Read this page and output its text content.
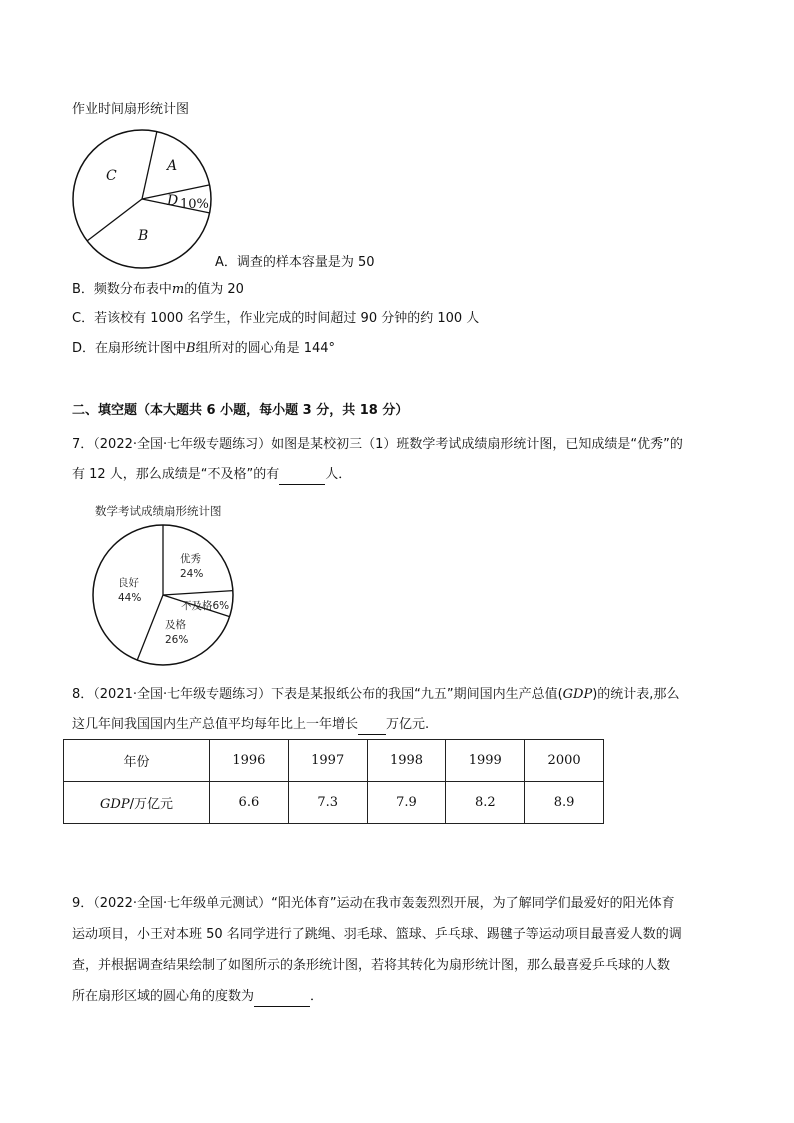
作业时间扇形统计图
A
C
D 10%
B
A．调查的样本容量是为 50
B．频数分布表中m的值为 20
C．若该校有 1000 名学生，作业完成的时间超过 90 分钟的约 100 人
D．在扇形统计图中B组所对的圆心角是 144°
二、填空题（本大题共 6 小题，每小题 3 分，共 18 分）
7．（2022·全国·七年级专题练习）如图是某校初三（1）班数学考试成绩扇形统计图，已知成绩是“优秀”的
有 12 人，那么成绩是“不及格”的有	人．
数学考试成绩扇形统计图
优秀
24%
良好
44%
不及格6%
及格
26%
8．（2021·全国·七年级专题练习）下表是某报纸公布的我国“九五”期间国内生产总值(GDP)的统计表,那么
这几年间我国国内生产总值平均每年比上一年增长 万亿元.
年份	1996	1997	1998	1999	2000
GDP/万亿元	6.6	7.3	7.9	8.2	8.9
9．（2022·全国·七年级单元测试）“阳光体育”运动在我市轰轰烈烈开展，为了解同学们最爱好的阳光体育
运动项目，小王对本班 50 名同学进行了跳绳、羽毛球、篮球、乒乓球、踢毽子等运动项目最喜爱人数的调
查，并根据调查结果绘制了如图所示的条形统计图，若将其转化为扇形统计图，那么最喜爱乒乓球的人数
所在扇形区域的圆心角的度数为	．
